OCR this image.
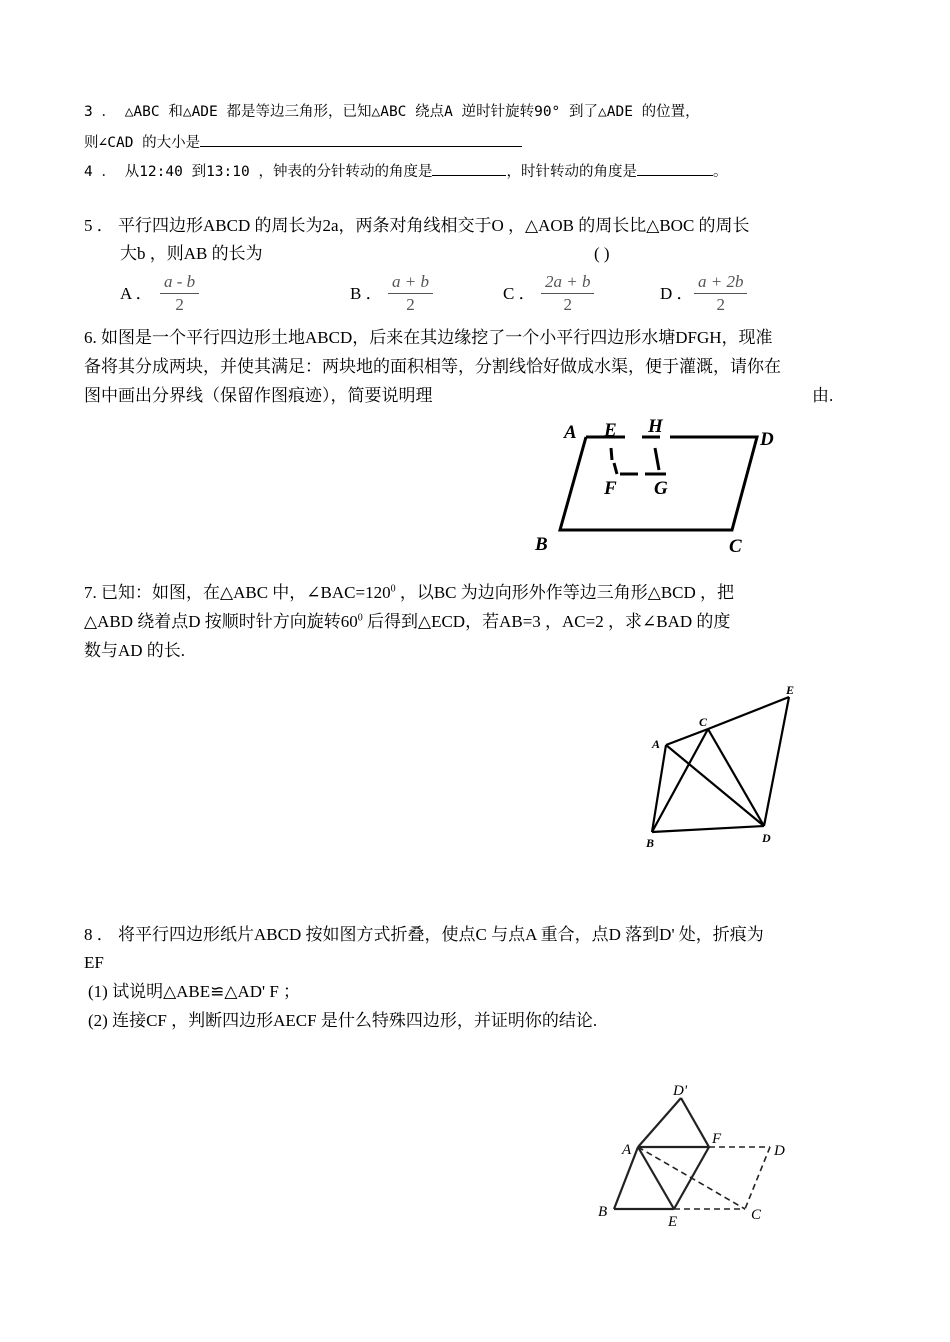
3 ． △ABC 和△ADE 都是等边三角形，已知△ABC 绕点A 逆时针旋转90° 到了△ADE 的位置，
则∠CAD 的大小是
4 ． 从12:40 到13:10 ，钟表的分针转动的角度是	，时针转动的角度是	。
5 ． 平行四边形ABCD 的周长为2a，两条对角线相交于O ，△AOB 的周长比△BOC 的周长
大b ，则AB 的长为	( )
A ． $\frac{a - b}{2}$	B ． $\frac{a + b}{2}$	C ． $\frac{2a + b}{2}$	D ． $\frac{a + 2b}{2}$
6. 如图是一个平行四边形土地ABCD，后来在其边缘挖了一个小平行四边形水塘DFGH，现准
备将其分成两块，并使其满足：两块地的面积相等，分割线恰好做成水渠，便于灌溉，请你在
图中画出分界线（保留作图痕迹），简要说明理	由.
A E H
D
F G
B	C
E
C
A
B	D
D'
A
F
D
B
E	C
7. 已知：如图，在△ABC 中，$\angle BAC=120^0$ ，以BC 为边向形外作等边三角形△BCD ，把
△ABD 绕着点D 按顺时针方向旋转$60^0$ 后得到△ECD，若AB=3 ，AC=2 ，求∠BAD 的度
数与AD 的长.
8 ． 将平行四边形纸片ABCD 按如图方式折叠，使点C 与点A 重合，点D 落到D' 处，折痕为
EF
(1) 试说明△ABE≌△AD' F ；
(2) 连接CF ，判断四边形AECF 是什么特殊四边形，并证明你的结论.
